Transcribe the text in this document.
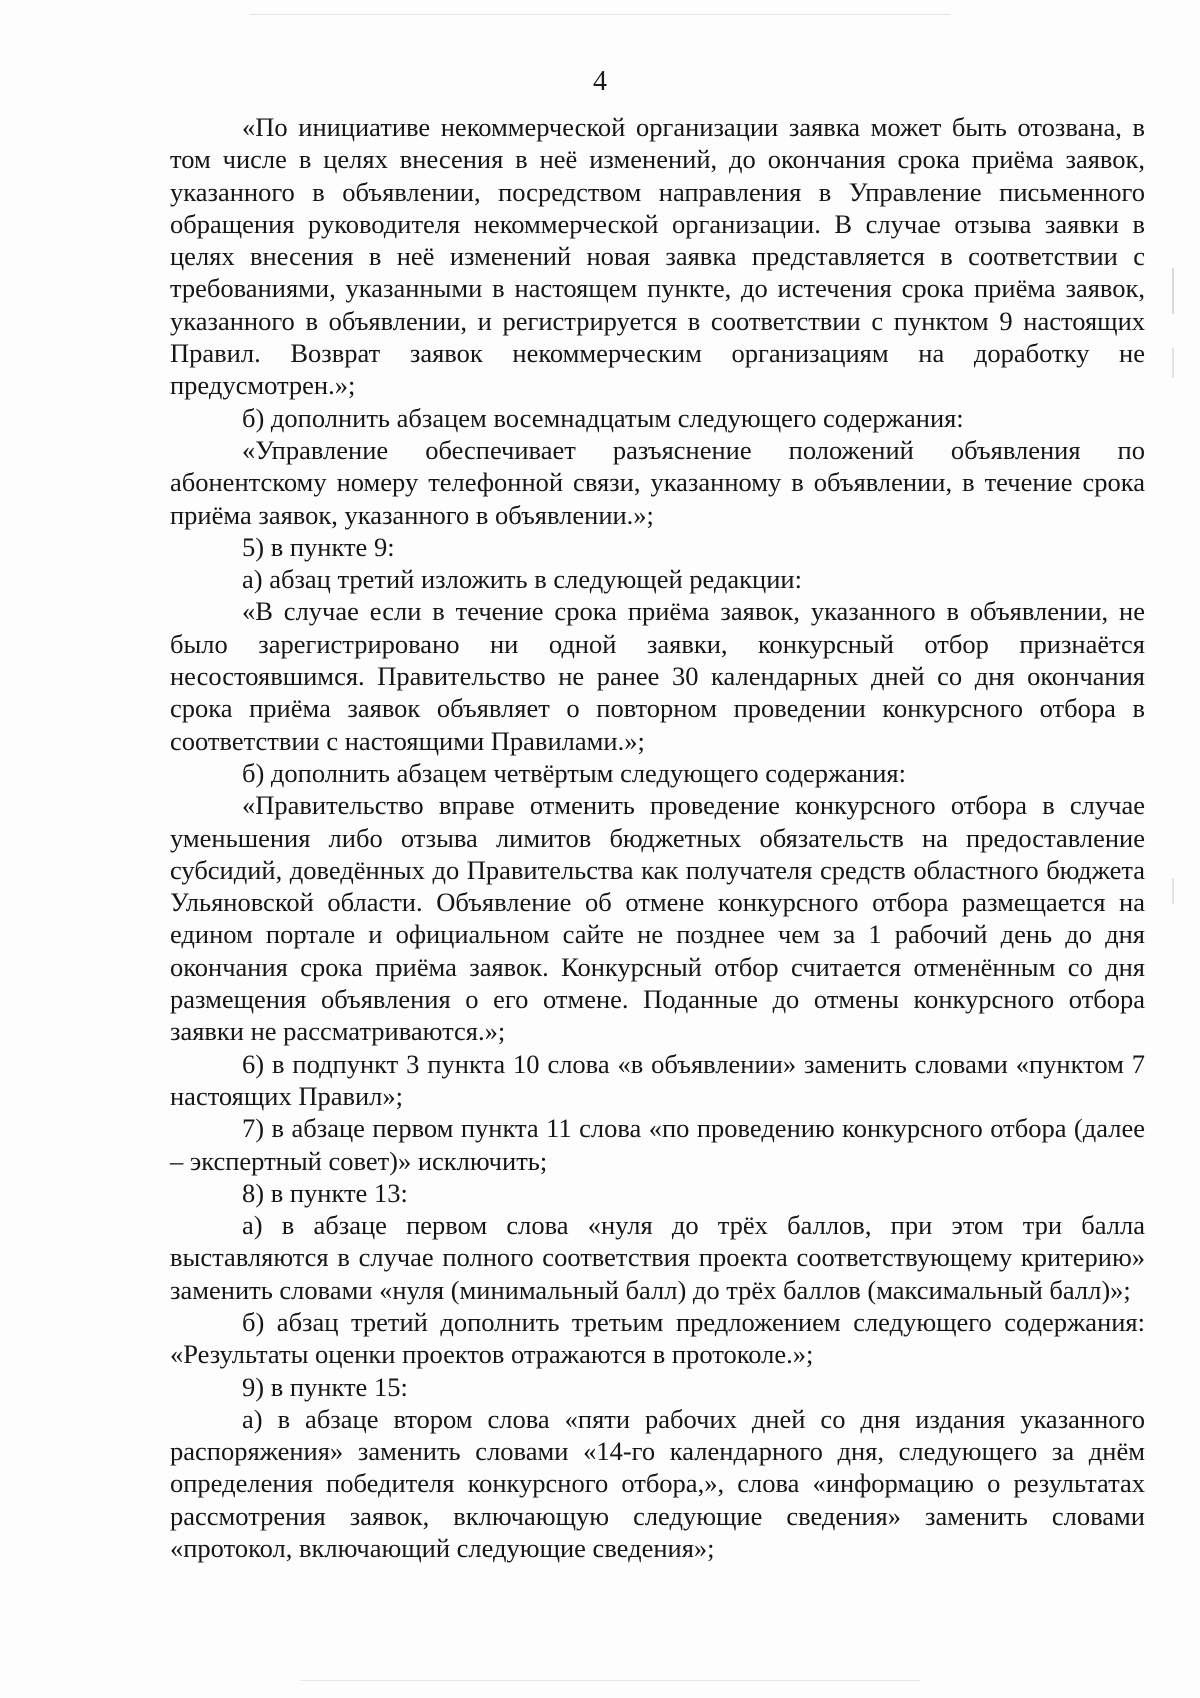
4

«По инициативе некоммерческой организации заявка может быть отозвана, в том числе в целях внесения в неё изменений, до окончания срока приёма заявок, указанного в объявлении, посредством направления в Управление письменного обращения руководителя некоммерческой организации. В случае отзыва заявки в целях внесения в неё изменений новая заявка представляется в соответствии с требованиями, указанными в настоящем пункте, до истечения срока приёма заявок, указанного в объявлении, и регистрируется в соответствии с пунктом 9 настоящих Правил. Возврат заявок некоммерческим организациям на доработку не предусмотрен.»;

б) дополнить абзацем восемнадцатым следующего содержания:

«Управление обеспечивает разъяснение положений объявления по абонентскому номеру телефонной связи, указанному в объявлении, в течение срока приёма заявок, указанного в объявлении.»;

5) в пункте 9:

а) абзац третий изложить в следующей редакции:

«В случае если в течение срока приёма заявок, указанного в объявлении, не было зарегистрировано ни одной заявки, конкурсный отбор признаётся несостоявшимся. Правительство не ранее 30 календарных дней со дня окончания срока приёма заявок объявляет о повторном проведении конкурсного отбора в соответствии с настоящими Правилами.»;

б) дополнить абзацем четвёртым следующего содержания:

«Правительство вправе отменить проведение конкурсного отбора в случае уменьшения либо отзыва лимитов бюджетных обязательств на предоставление субсидий, доведённых до Правительства как получателя средств областного бюджета Ульяновской области. Объявление об отмене конкурсного отбора размещается на едином портале и официальном сайте не позднее чем за 1 рабочий день до дня окончания срока приёма заявок. Конкурсный отбор считается отменённым со дня размещения объявления о его отмене. Поданные до отмены конкурсного отбора заявки не рассматриваются.»;

6) в подпункт 3 пункта 10 слова «в объявлении» заменить словами «пунктом 7 настоящих Правил»;

7) в абзаце первом пункта 11 слова «по проведению конкурсного отбора (далее – экспертный совет)» исключить;

8) в пункте 13:

а) в абзаце первом слова «нуля до трёх баллов, при этом три балла выставляются в случае полного соответствия проекта соответствующему критерию» заменить словами «нуля (минимальный балл) до трёх баллов (максимальный балл)»;

б) абзац третий дополнить третьим предложением следующего содержания: «Результаты оценки проектов отражаются в протоколе.»;

9) в пункте 15:

а) в абзаце втором слова «пяти рабочих дней со дня издания указанного распоряжения» заменить словами «14-го календарного дня, следующего за днём определения победителя конкурсного отбора,», слова «информацию о результатах рассмотрения заявок, включающую следующие сведения» заменить словами «протокол, включающий следующие сведения»;
